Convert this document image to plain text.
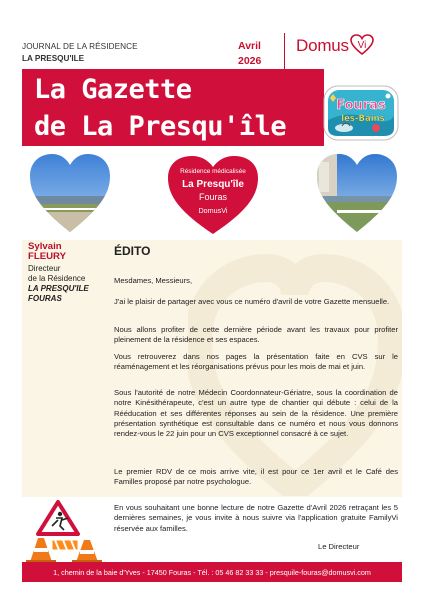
JOURNAL DE LA RÉSIDENCE
LA PRESQU'ILE
Avril
2026
Domus Vi
La Gazette
de La Presqu'île
Fouras
les-Bains
Résidence médicalisée
La Presqu'île
Fouras
DomusVi
Sylvain
FLEURY
Directeur
de la Résidence
LA PRESQU'ILE
FOURAS
ÉDITO
Mesdames, Messieurs,
J'ai le plaisir de partager avec vous ce numéro d'avril de votre Gazette mensuelle.
Nous allons profiter de cette dernière période avant les travaux pour profiter pleinement de la résidence et ses espaces.
Vous retrouverez dans nos pages la présentation faite en CVS sur le réaménagement et les réorganisations prévus pour les mois de mai et juin.
Sous l'autorité de notre Médecin Coordonnateur-Gériatre, sous la coordination de notre Kinésithérapeute, c'est un autre type de chantier qui débute : celui de la Rééducation et ses différentes réponses au sein de la résidence. Une première présentation synthétique est consultable dans ce numéro et nous vous donnons rendez-vous le 22 juin pour un CVS exceptionnel consacré à ce sujet.
Le premier RDV de ce mois arrive vite, il est pour ce 1er avril et le Café des Familles proposé par notre psychologue.
En vous souhaitant une bonne lecture de notre Gazette d'Avril 2026 retraçant les 5 dernières semaines, je vous invite à nous suivre via l'application gratuite FamilyVi réservée aux familles.
Le Directeur
1, chemin de la baie d'Yves - 17450 Fouras - Tél. : 05 46 82 33 33 - presquile-fouras@domusvi.com
